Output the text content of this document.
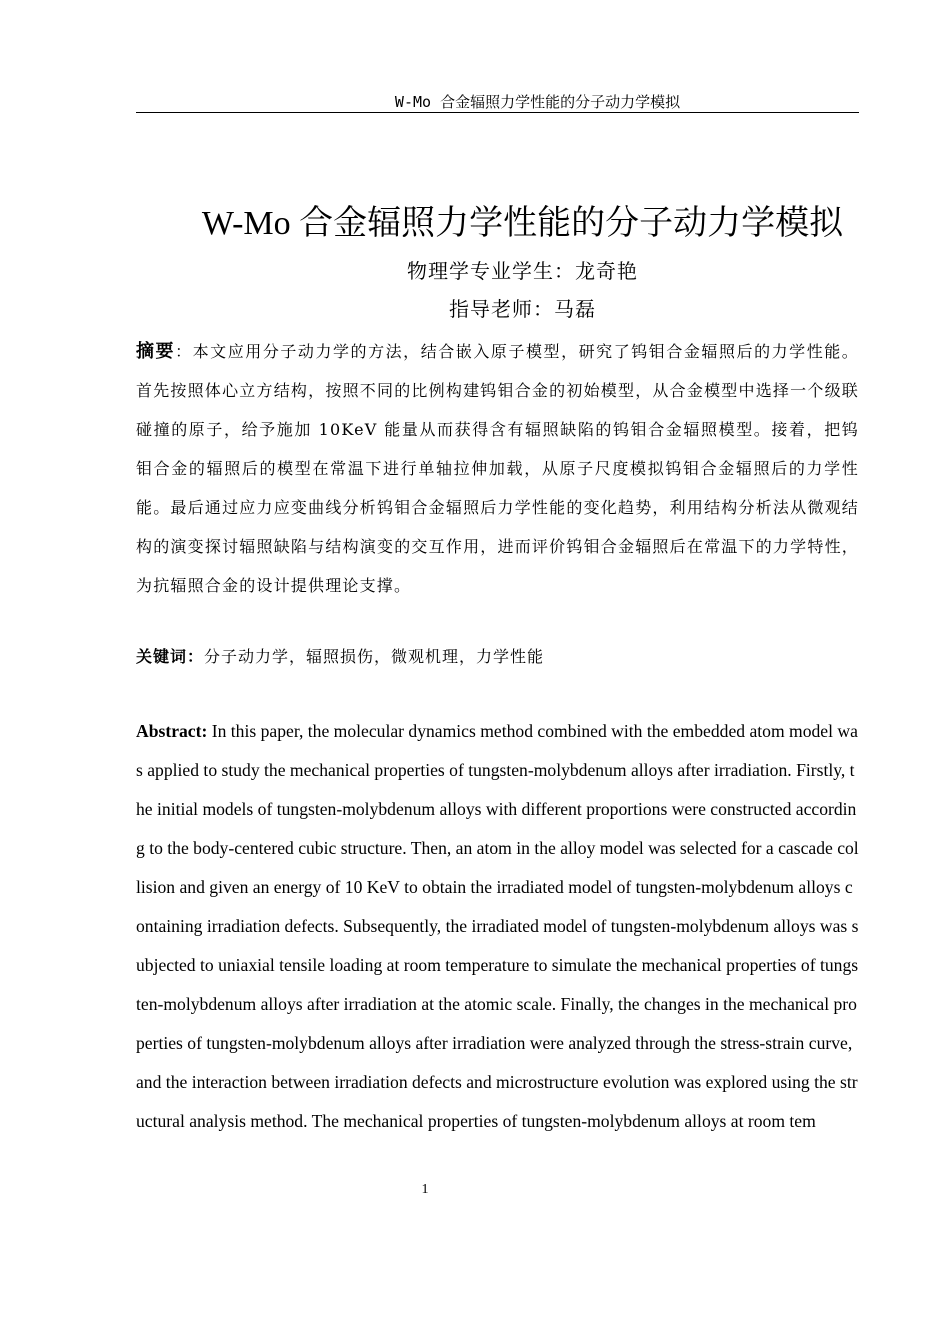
W-Mo 合金辐照力学性能的分子动力学模拟
W-Mo 合金辐照力学性能的分子动力学模拟
物理学专业学生：龙奇艳
指导老师：马磊
摘要：本文应用分子动力学的方法，结合嵌入原子模型，研究了钨钼合金辐照后的力学性能。首先按照体心立方结构，按照不同的比例构建钨钼合金的初始模型，从合金模型中选择一个级联碰撞的原子，给予施加 10KeV 能量从而获得含有辐照缺陷的钨钼合金辐照模型。接着，把钨钼合金的辐照后的模型在常温下进行单轴拉伸加载，从原子尺度模拟钨钼合金辐照后的力学性能。最后通过应力应变曲线分析钨钼合金辐照后力学性能的变化趋势，利用结构分析法从微观结构的演变探讨辐照缺陷与结构演变的交互作用，进而评价钨钼合金辐照后在常温下的力学特性，为抗辐照合金的设计提供理论支撑。
关键词：分子动力学，辐照损伤，微观机理，力学性能
Abstract: In this paper, the molecular dynamics method combined with the embedded atom model was applied to study the mechanical properties of tungsten-molybdenum alloys after irradiation. Firstly, the initial models of tungsten-molybdenum alloys with different proportions were constructed according to the body-centered cubic structure. Then, an atom in the alloy model was selected for a cascade collision and given an energy of 10 KeV to obtain the irradiated model of tungsten-molybdenum alloys containing irradiation defects. Subsequently, the irradiated model of tungsten-molybdenum alloys was subjected to uniaxial tensile loading at room temperature to simulate the mechanical properties of tungsten-molybdenum alloys after irradiation at the atomic scale. Finally, the changes in the mechanical properties of tungsten-molybdenum alloys after irradiation were analyzed through the stress-strain curve, and the interaction between irradiation defects and microstructure evolution was explored using the structural analysis method. The mechanical properties of tungsten-molybdenum alloys at room tem
1
